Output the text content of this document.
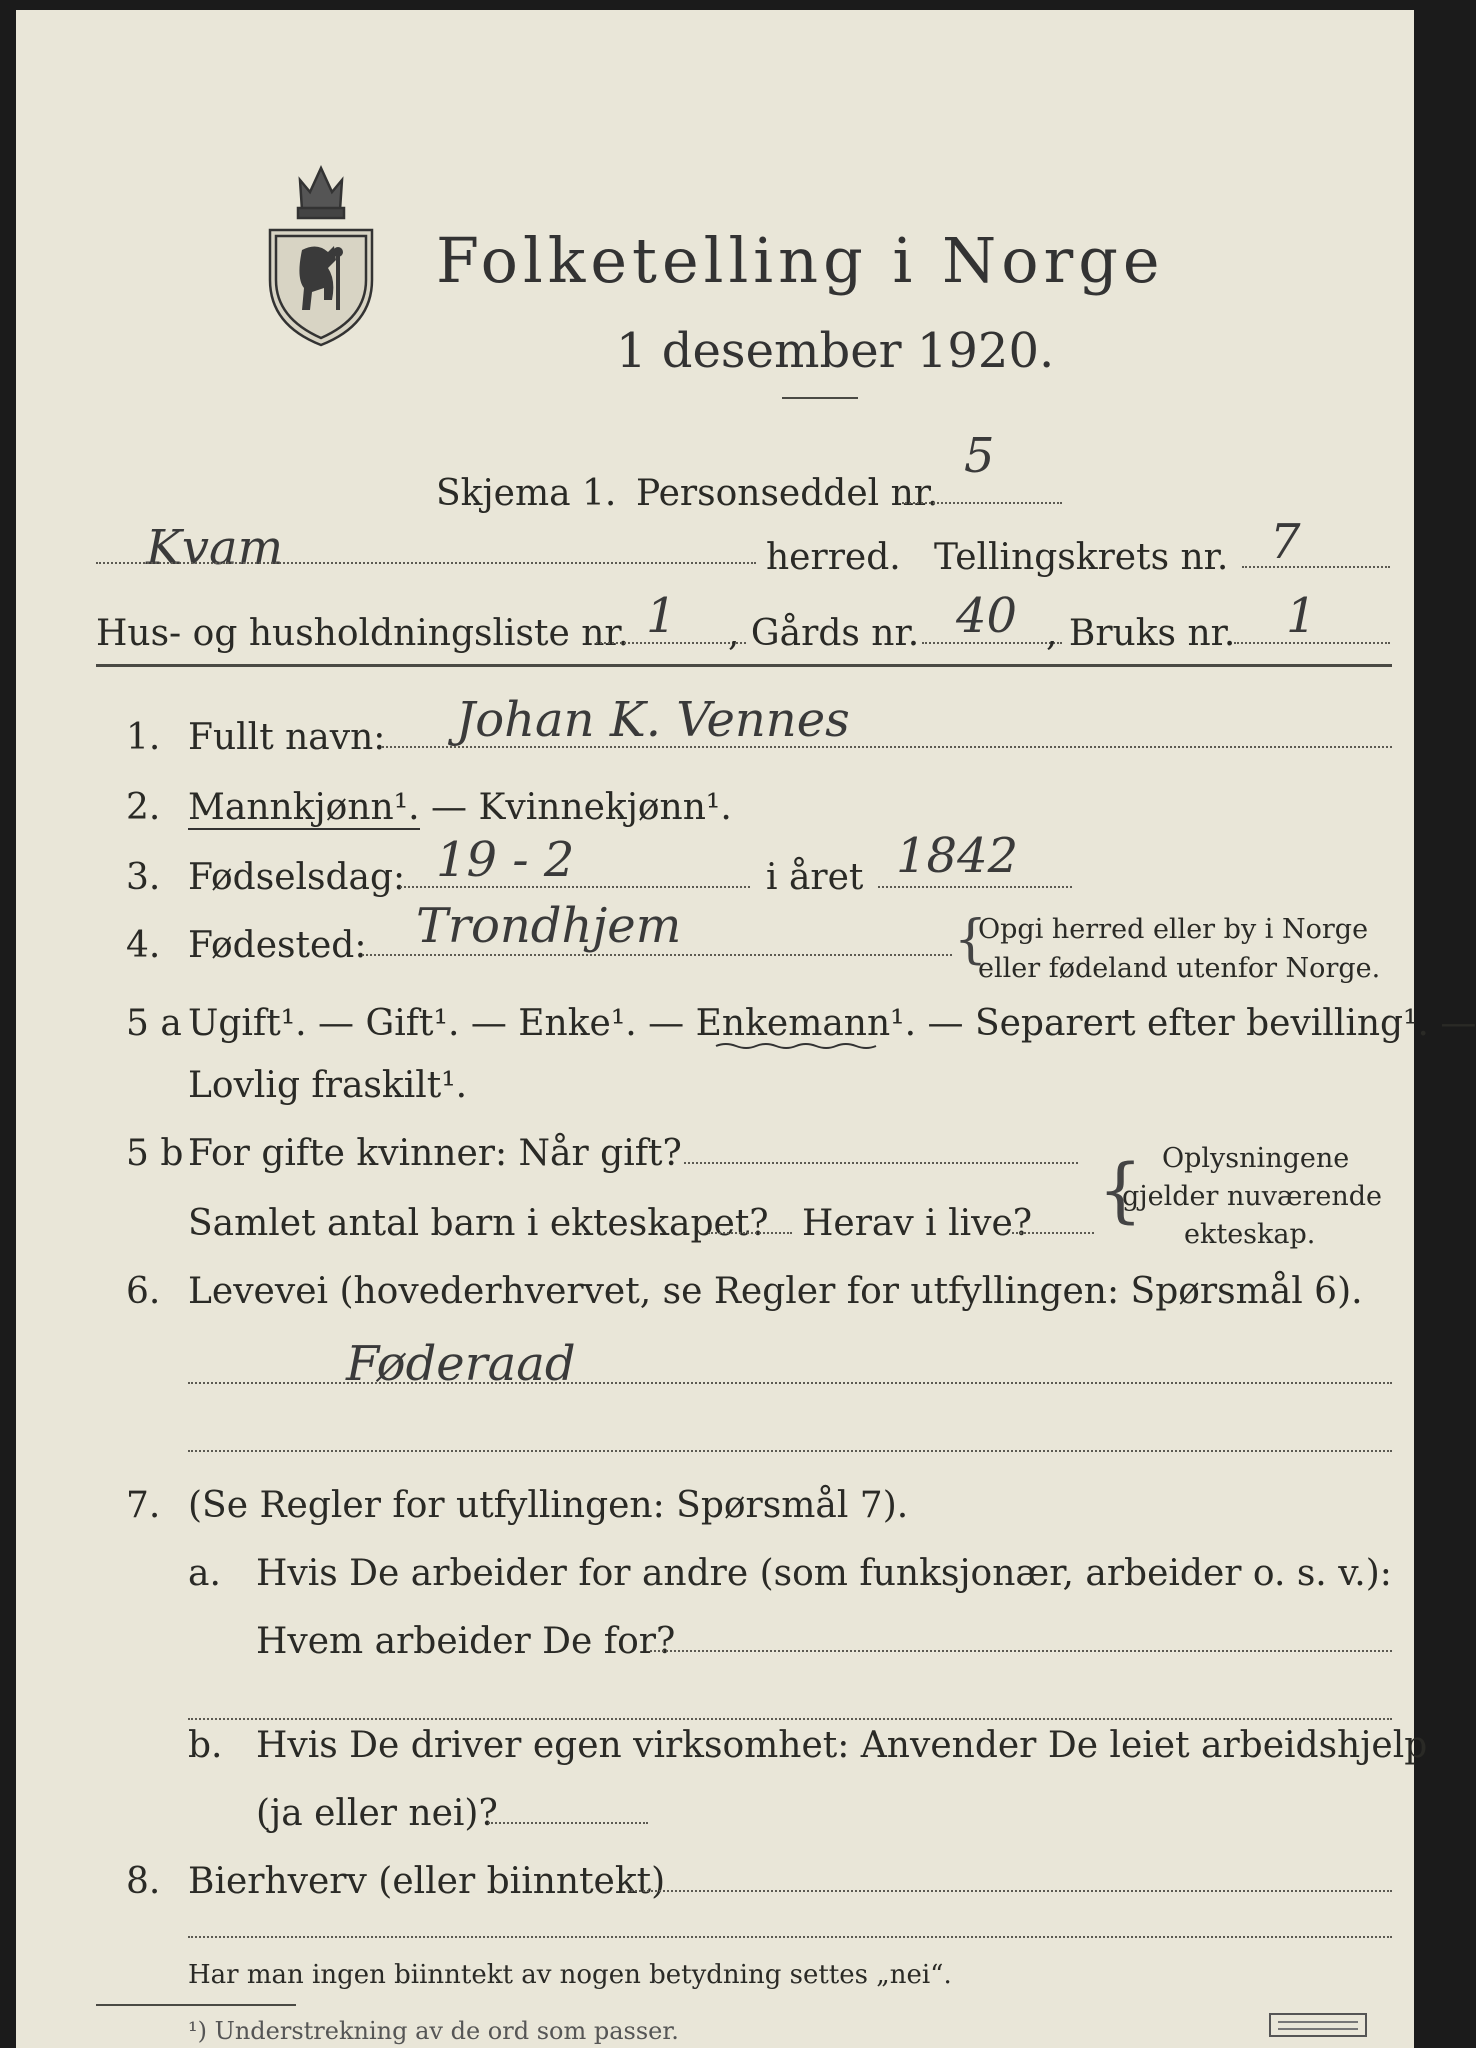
Folketelling i Norge
1 desember 1920.
Skjema 1. Personseddel nr.
5
Kvam	herred. Tellingskrets nr. 7
Hus- og husholdningsliste nr. 1 , Gårds nr. 40 , Bruks nr. 1
1. Fullt navn: Johan K. Vennes
2. Mannkjønn¹. — Kvinnekjønn¹.
3. Fødselsdag: 19 - 2	i året 1842
4. Fødested: Trondhjem	{
Opgi herred eller by i Norge
eller fødeland utenfor Norge.
5 a Ugift¹. — Gift¹. — Enke¹. — Enkemann¹. — Separert efter bevilling¹. —
Lovlig fraskilt¹.
5 b For gifte kvinner: Når gift?
Samlet antal barn i ekteskapet? Herav i live? { Oplysningene
gjelder nuværende
ekteskap.
6. Levevei (hovederhvervet, se Regler for utfyllingen: Spørsmål 6).
Føderaad
7. (Se Regler for utfyllingen: Spørsmål 7).
a. Hvis De arbeider for andre (som funksjonær, arbeider o. s. v.):
Hvem arbeider De for?
b. Hvis De driver egen virksomhet: Anvender De leiet arbeidshjelp
(ja eller nei)?
8. Bierhverv (eller biinntekt)
Har man ingen biinntekt av nogen betydning settes „nei“.
¹) Understrekning av de ord som passer.
